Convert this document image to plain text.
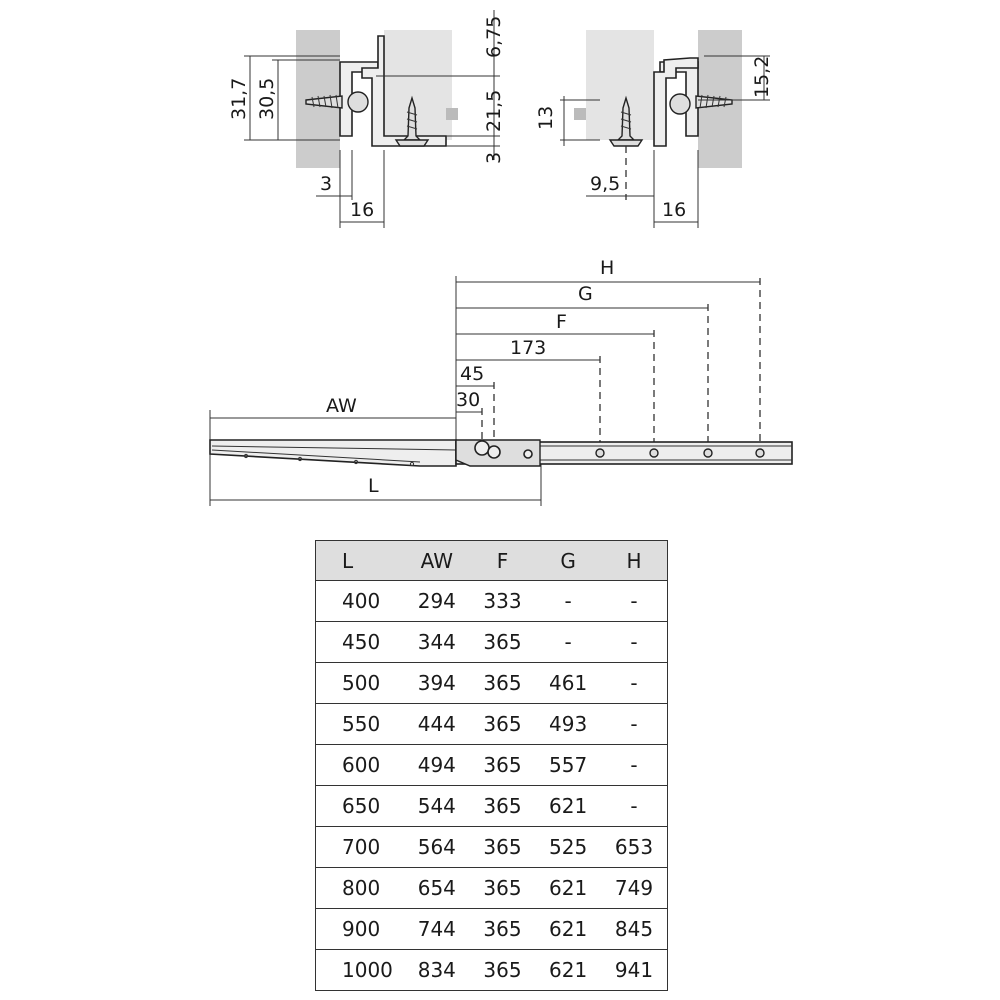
6,75
31,7 30,5	21,5
3
3
16
15,2
13
9,5
16
H
G
F
173
45
30
AW
L
L	AW	F	G	H
400	294	333	-	-
450	344	365	-	-
500	394	365	461	-
550	444	365	493	-
600	494	365	557	-
650	544	365	621	-
700	564	365	525	653
800	654	365	621	749
900	744	365	621	845
1000	834	365	621	941
